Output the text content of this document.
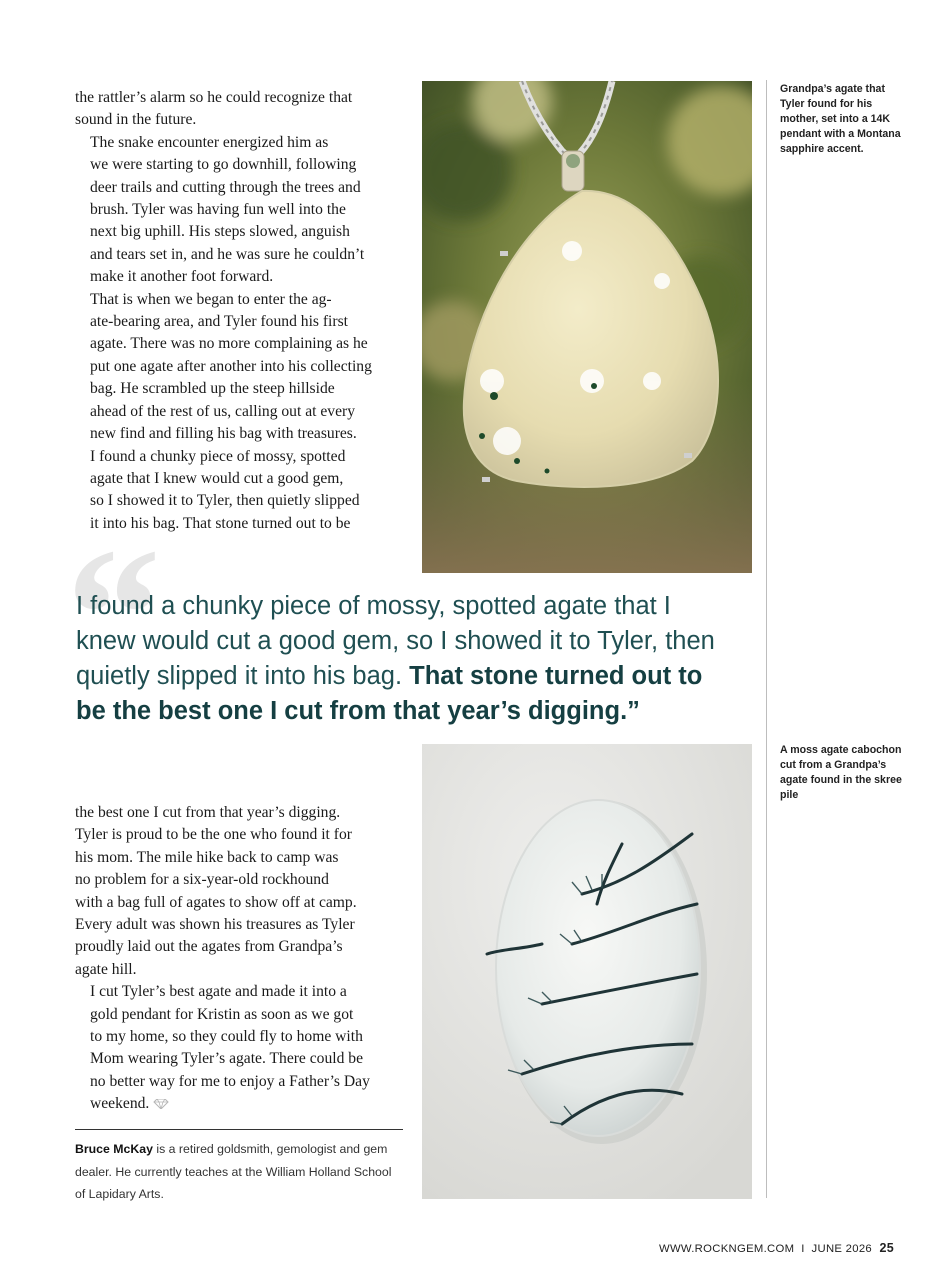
the rattler’s alarm so he could recognize that
sound in the future.

The snake encounter energized him as
we were starting to go downhill, following
deer trails and cutting through the trees and
brush. Tyler was having fun well into the
next big uphill. His steps slowed, anguish
and tears set in, and he was sure he couldn’t
make it another foot forward.

That is when we began to enter the ag-
ate-bearing area, and Tyler found his first
agate. There was no more complaining as he
put one agate after another into his collecting
bag. He scrambled up the steep hillside
ahead of the rest of us, calling out at every
new find and filling his bag with treasures.

I found a chunky piece of mossy, spotted
agate that I knew would cut a good gem,
so I showed it to Tyler, then quietly slipped
it into his bag. That stone turned out to be

Grandpa’s agate that Tyler found for his mother, set into a 14K pendant with a Montana sapphire accent.
A moss agate cabochon cut from a Grandpa’s agate found in the skree pile
“
I found a chunky piece of mossy, spotted agate that I knew would cut a good gem, so I showed it to Tyler, then quietly slipped it into his bag. That stone turned out to be the best one I cut from that year’s digging.”

the best one I cut from that year’s digging.
Tyler is proud to be the one who found it for
his mom. The mile hike back to camp was
no problem for a six-year-old rockhound
with a bag full of agates to show off at camp.
Every adult was shown his treasures as Tyler
proudly laid out the agates from Grandpa’s
agate hill.

I cut Tyler’s best agate and made it into a
gold pendant for Kristin as soon as we got
to my home, so they could fly to home with
Mom wearing Tyler’s agate. There could be
no better way for me to enjoy a Father’s Day
weekend.

Bruce McKay is a retired goldsmith, gemologist and gem dealer. He currently teaches at the William Holland School of Lapidary Arts.
WWW.ROCKNGEM.COM I JUNE 2026 25
